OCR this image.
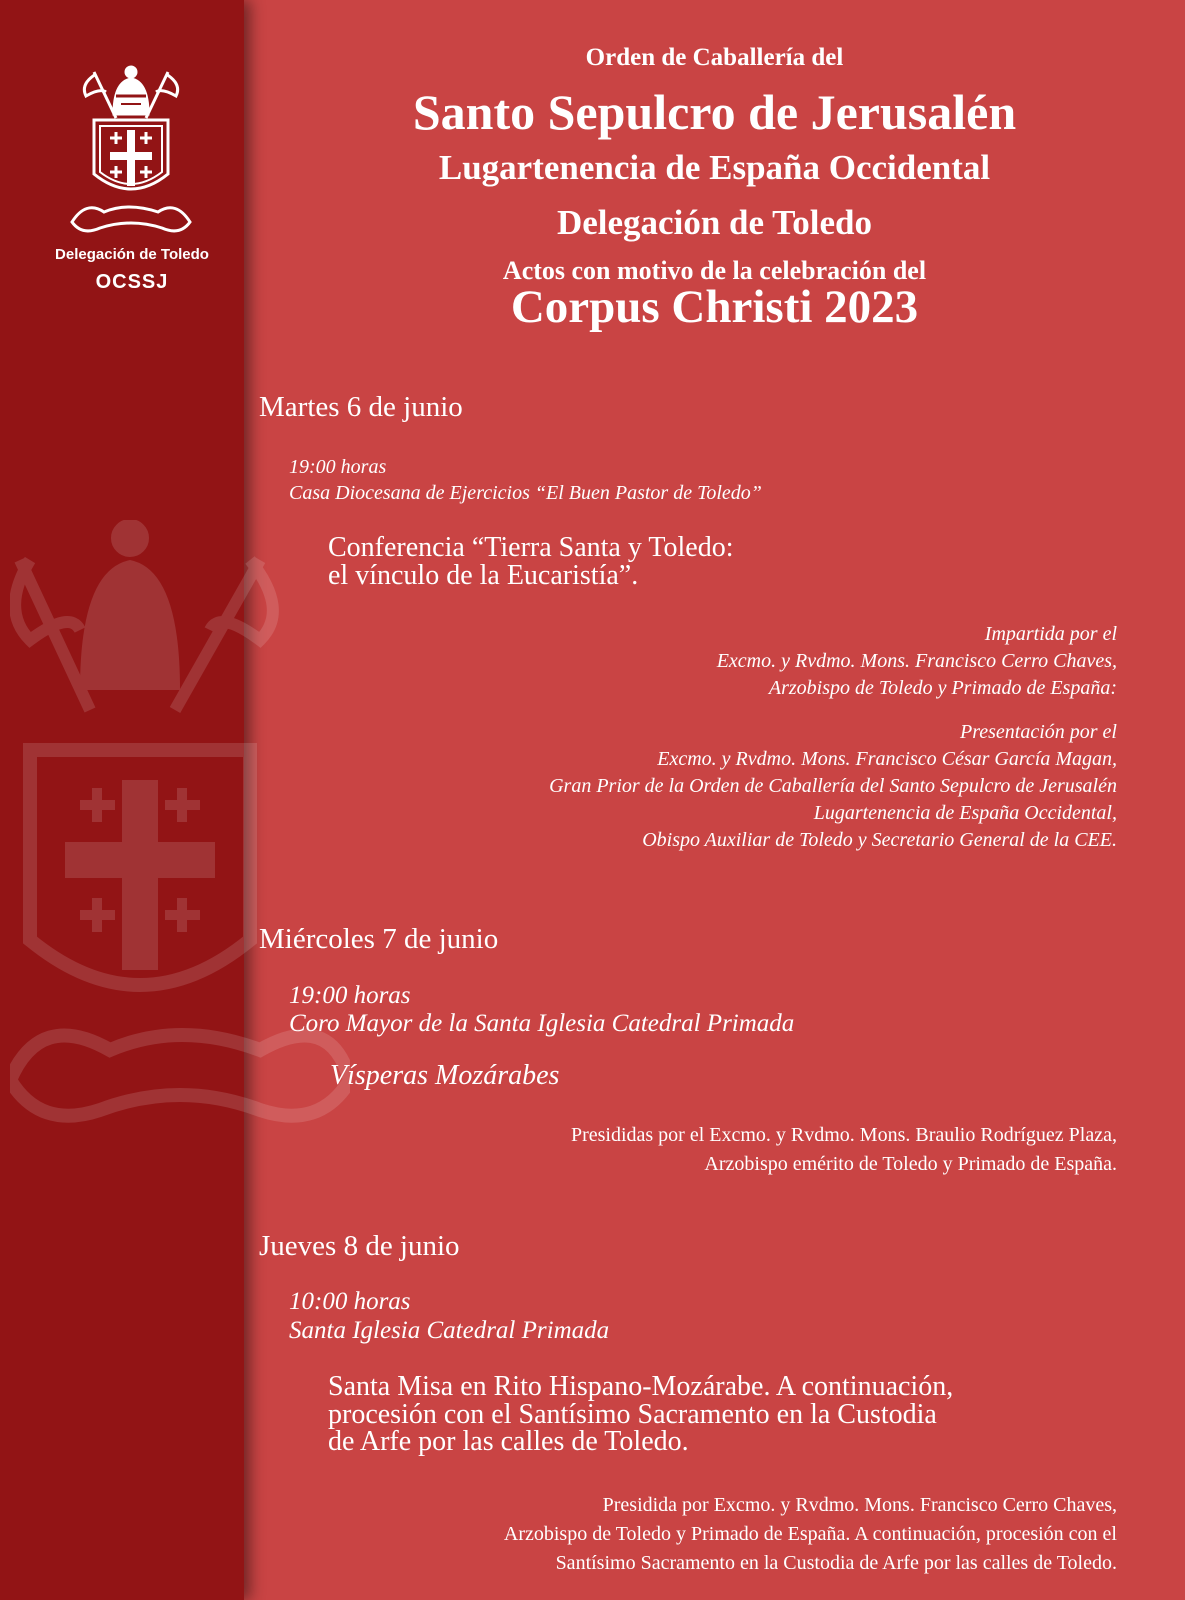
Delegación de Toledo
OCSSJ
Orden de Caballería del
Santo Sepulcro de Jerusalén
Lugartenencia de España Occidental
Delegación de Toledo
Actos con motivo de la celebración del
Corpus Christi 2023
Martes 6 de junio
19:00 horas
Casa Diocesana de Ejercicios “El Buen Pastor de Toledo”
Conferencia “Tierra Santa y Toledo:
el vínculo de la Eucaristía”.

Impartida por el

Excmo. y Rvdmo. Mons. Francisco Cerro Chaves,

Arzobispo de Toledo y Primado de España:

Presentación por el

Excmo. y Rvdmo. Mons. Francisco César García Magan,

Gran Prior de la Orden de Caballería del Santo Sepulcro de Jerusalén

Lugartenencia de España Occidental,

Obispo Auxiliar de Toledo y Secretario General de la CEE.

Miércoles 7 de junio
19:00 horas
Coro Mayor de la Santa Iglesia Catedral Primada
Vísperas Mozárabes

Presididas por el Excmo. y Rvdmo. Mons. Braulio Rodríguez Plaza,

Arzobispo emérito de Toledo y Primado de España.

Jueves 8 de junio
10:00 horas
Santa Iglesia Catedral Primada
Santa Misa en Rito Hispano-Mozárabe. A continuación,
procesión con el Santísimo Sacramento en la Custodia
de Arfe por las calles de Toledo.

Presidida por Excmo. y Rvdmo. Mons. Francisco Cerro Chaves,

Arzobispo de Toledo y Primado de España. A continuación, procesión con el

Santísimo Sacramento en la Custodia de Arfe por las calles de Toledo.
